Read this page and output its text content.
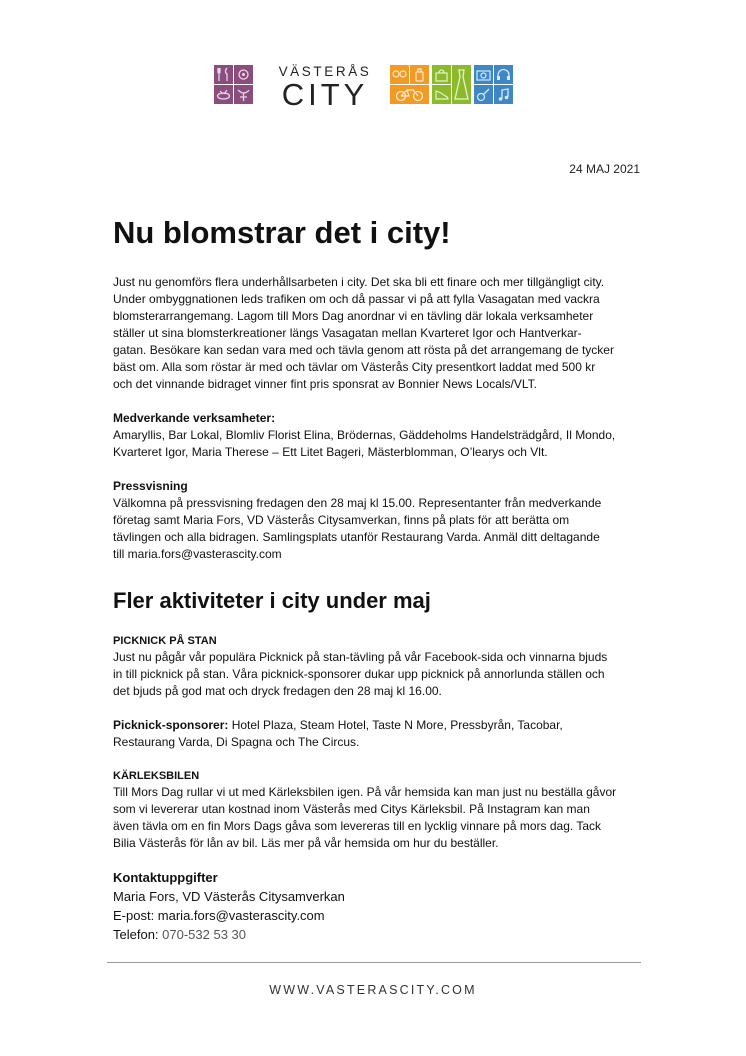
VÄSTERÅS
CITY
24 MAJ 2021
Nu blomstrar det i city!

Just nu genomförs flera underhållsarbeten i city. Det ska bli ett finare och mer tillgängligt city.

Under ombyggnationen leds trafiken om och då passar vi på att fylla Vasagatan med vackra

blomsterarrangemang. Lagom till Mors Dag anordnar vi en tävling där lokala verksamheter

ställer ut sina blomsterkreationer längs Vasagatan mellan Kvarteret Igor och Hantverkar-

gatan. Besökare kan sedan vara med och tävla genom att rösta på det arrangemang de tycker

bäst om. Alla som röstar är med och tävlar om Västerås City presentkort laddat med 500 kr

och det vinnande bidraget vinner fint pris sponsrat av Bonnier News Locals/VLT.

Medverkande verksamheter:

Amaryllis, Bar Lokal, Blomliv Florist Elina, Brödernas, Gäddeholms Handelsträdgård, Il Mondo,

Kvarteret Igor, Maria Therese – Ett Litet Bageri, Mästerblomman, O’learys och Vlt.

Pressvisning

Välkomna på pressvisning fredagen den 28 maj kl 15.00. Representanter från medverkande

företag samt Maria Fors, VD Västerås Citysamverkan, finns på plats för att berätta om

tävlingen och alla bidragen. Samlingsplats utanför Restaurang Varda. Anmäl ditt deltagande

till maria.fors@vasterascity.com

Fler aktiviteter i city under maj

PICKNICK PÅ STAN

Just nu pågår vår populära Picknick på stan-tävling på vår Facebook-sida och vinnarna bjuds

in till picknick på stan. Våra picknick-sponsorer dukar upp picknick på annorlunda ställen och

det bjuds på god mat och dryck fredagen den 28 maj kl 16.00.

Picknick-sponsorer: Hotel Plaza, Steam Hotel, Taste N More, Pressbyrån, Tacobar,

Restaurang Varda, Di Spagna och The Circus.

KÄRLEKSBILEN

Till Mors Dag rullar vi ut med Kärleksbilen igen. På vår hemsida kan man just nu beställa gåvor

som vi levererar utan kostnad inom Västerås med Citys Kärleksbil. På Instagram kan man

även tävla om en fin Mors Dags gåva som levereras till en lycklig vinnare på mors dag. Tack

Bilia Västerås för lån av bil. Läs mer på vår hemsida om hur du beställer.

Kontaktuppgifter

Maria Fors, VD Västerås Citysamverkan

E-post: maria.fors@vasterascity.com

Telefon: 070-532 53 30

WWW.VASTERASCITY.COM
